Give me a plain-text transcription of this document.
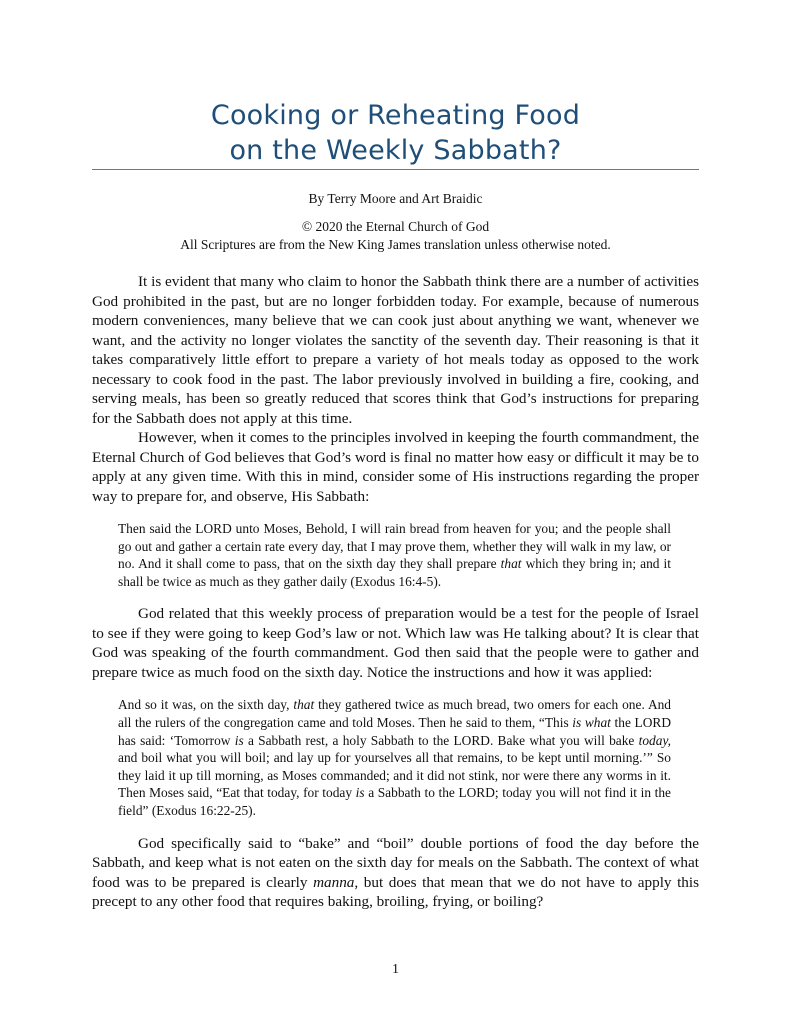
Cooking or Reheating Food
on the Weekly Sabbath?
By Terry Moore and Art Braidic
© 2020 the Eternal Church of God
All Scriptures are from the New King James translation unless otherwise noted.

It is evident that many who claim to honor the Sabbath think there are a number of activities God prohibited in the past, but are no longer forbidden today. For example, because of numerous modern conveniences, many believe that we can cook just about anything we want, whenever we want, and the activity no longer violates the sanctity of the seventh day. Their reasoning is that it takes comparatively little effort to prepare a variety of hot meals today as opposed to the work necessary to cook food in the past. The labor previously involved in building a fire, cooking, and serving meals, has been so greatly reduced that scores think that God’s instructions for preparing for the Sabbath does not apply at this time.

However, when it comes to the principles involved in keeping the fourth commandment, the Eternal Church of God believes that God’s word is final no matter how easy or difficult it may be to apply at any given time. With this in mind, consider some of His instructions regarding the proper way to prepare for, and observe, His Sabbath:

Then said the LORD unto Moses, Behold, I will rain bread from heaven for you; and the people shall go out and gather a certain rate every day, that I may prove them, whether they will walk in my law, or no. And it shall come to pass, that on the sixth day they shall prepare that which they bring in; and it shall be twice as much as they gather daily (Exodus 16:4-5).

God related that this weekly process of preparation would be a test for the people of Israel to see if they were going to keep God’s law or not. Which law was He talking about? It is clear that God was speaking of the fourth commandment. God then said that the people were to gather and prepare twice as much food on the sixth day. Notice the instructions and how it was applied:

And so it was, on the sixth day, that they gathered twice as much bread, two omers for each one. And all the rulers of the congregation came and told Moses. Then he said to them, “This is what the LORD has said: ‘Tomorrow is a Sabbath rest, a holy Sabbath to the LORD. Bake what you will bake today, and boil what you will boil; and lay up for yourselves all that remains, to be kept until morning.’” So they laid it up till morning, as Moses commanded; and it did not stink, nor were there any worms in it. Then Moses said, “Eat that today, for today is a Sabbath to the LORD; today you will not find it in the field” (Exodus 16:22-25).

God specifically said to “bake” and “boil” double portions of food the day before the Sabbath, and keep what is not eaten on the sixth day for meals on the Sabbath. The context of what food was to be prepared is clearly manna, but does that mean that we do not have to apply this precept to any other food that requires baking, broiling, frying, or boiling?

1
